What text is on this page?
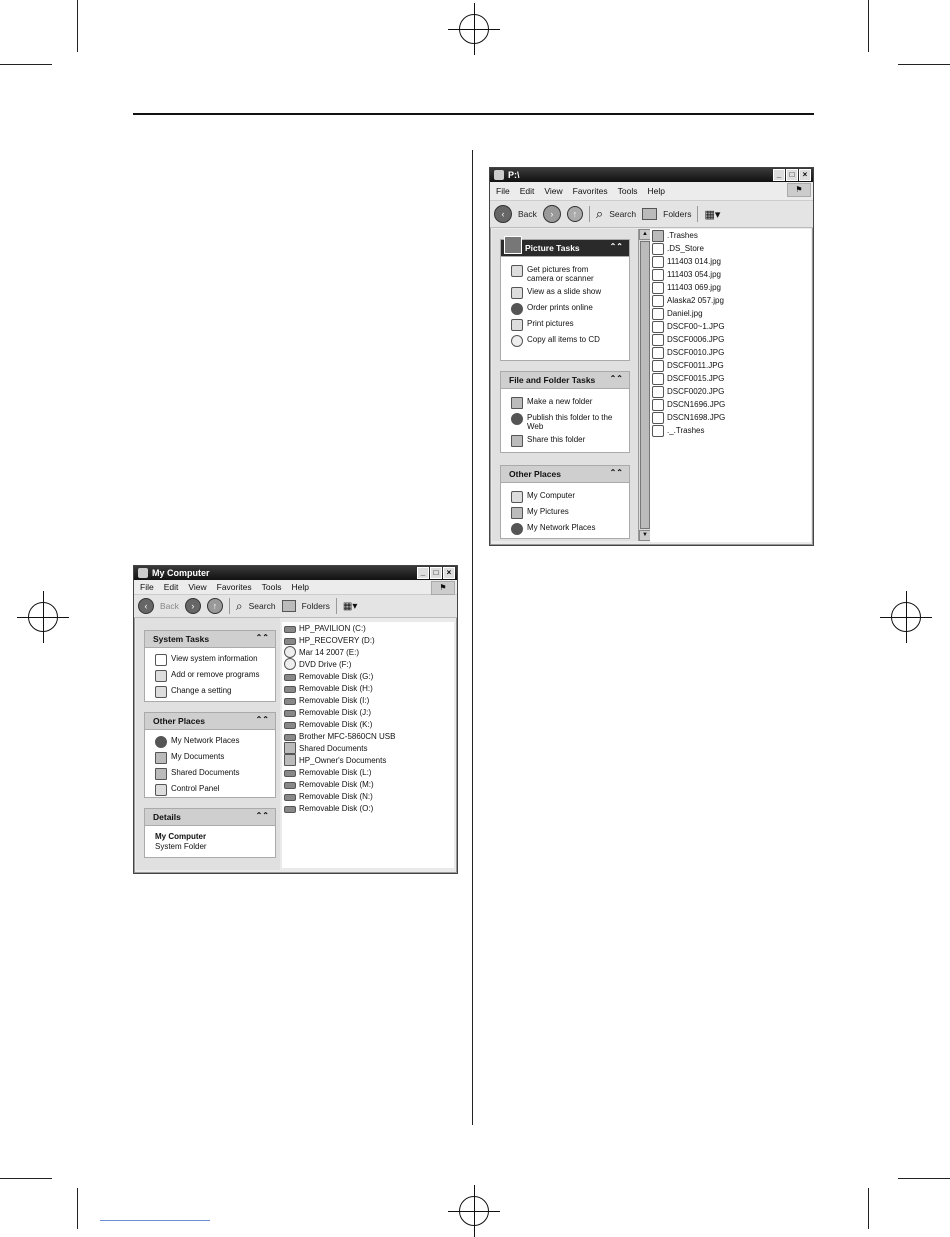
My Computer	_	□	×
File Edit View Favorites Tools Help	⚑
‹	Back	›	↑	⌕ Search	Folders ▦▾
System Tasks	⌃⌃
View system information
Add or remove programs
Change a setting
Other Places	⌃⌃
My Network Places
My Documents
Shared Documents
Control Panel
Details	⌃⌃
My Computer
System Folder
HP_PAVILION (C:)
HP_RECOVERY (D:)
Mar 14 2007 (E:)
DVD Drive (F:)
Removable Disk (G:)
Removable Disk (H:)
Removable Disk (I:)
Removable Disk (J:)
Removable Disk (K:)
Brother MFC-5860CN USB
Shared Documents
HP_Owner's Documents
Removable Disk (L:)
Removable Disk (M:)
Removable Disk (N:)
Removable Disk (O:)
P:\	_	□	×
File Edit View Favorites Tools Help	⚑
‹	Back	›	↑	⌕ Search	Folders ▦▾
Picture Tasks	⌃⌃
Get pictures from camera or scanner
View as a slide show
Order prints online
Print pictures
Copy all items to CD
File and Folder Tasks ⌃⌃
Make a new folder
Publish this folder to the Web
Share this folder
Other Places	⌃⌃
My Computer
My Pictures
My Network Places
▲
▼
.Trashes
.DS_Store
111403 014.jpg
111403 054.jpg
111403 069.jpg
Alaska2 057.jpg
Daniel.jpg
DSCF00~1.JPG
DSCF0006.JPG
DSCF0010.JPG
DSCF0011.JPG
DSCF0015.JPG
DSCF0020.JPG
DSCN1696.JPG
DSCN1698.JPG
._.Trashes
